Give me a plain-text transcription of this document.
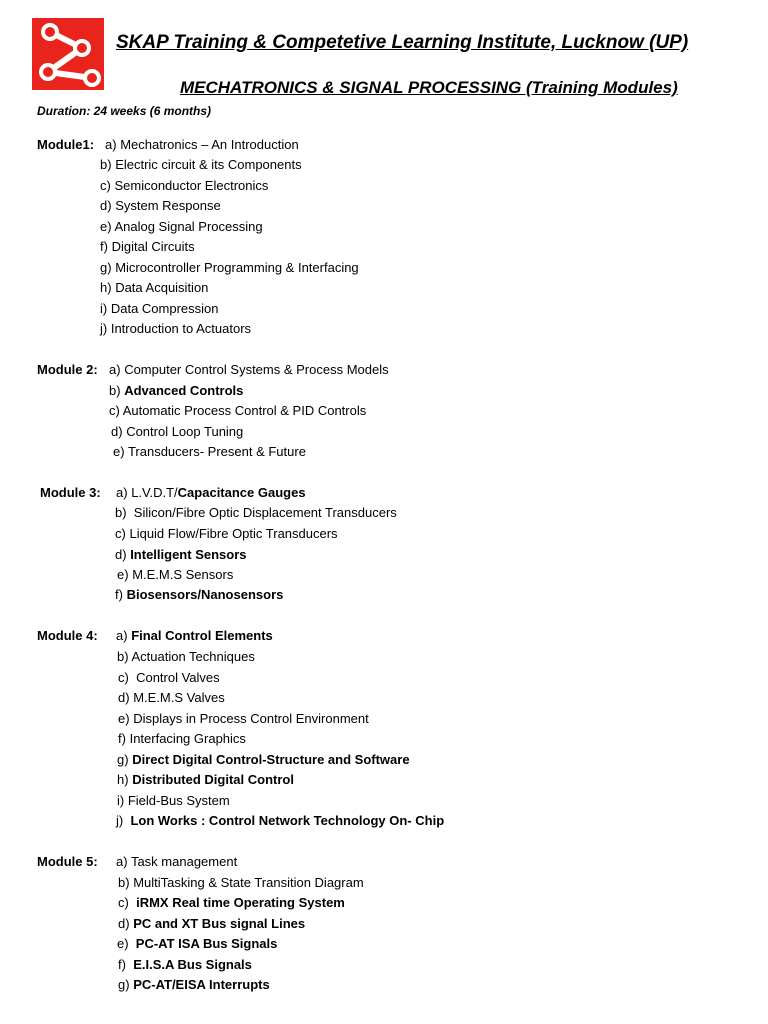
SKAP Training & Competetive Learning Institute, Lucknow (UP)
MECHATRONICS & SIGNAL PROCESSING (Training Modules)
Duration: 24 weeks (6 months)
Module1: a) Mechatronics – An Introduction
b) Electric circuit & its Components
c) Semiconductor Electronics
d) System Response
e) Analog Signal Processing
f) Digital Circuits
g) Microcontroller Programming & Interfacing
h) Data Acquisition
i) Data Compression
j) Introduction to Actuators
Module 2: a) Computer Control Systems & Process Models
b) Advanced Controls
c) Automatic Process Control & PID Controls
d) Control Loop Tuning
e) Transducers- Present & Future
Module 3: a) L.V.D.T/Capacitance Gauges
b) Silicon/Fibre Optic Displacement Transducers
c) Liquid Flow/Fibre Optic Transducers
d) Intelligent Sensors
e) M.E.M.S Sensors
f) Biosensors/Nanosensors
Module 4: a) Final Control Elements
b) Actuation Techniques
c) Control Valves
d) M.E.M.S Valves
e) Displays in Process Control Environment
f) Interfacing Graphics
g) Direct Digital Control-Structure and Software
h) Distributed Digital Control
i) Field-Bus System
j) Lon Works : Control Network Technology On- Chip
Module 5: a) Task management
b) MultiTasking & State Transition Diagram
c) iRMX Real time Operating System
d) PC and XT Bus signal Lines
e) PC-AT ISA Bus Signals
f) E.I.S.A Bus Signals
g) PC-AT/EISA Interrupts
